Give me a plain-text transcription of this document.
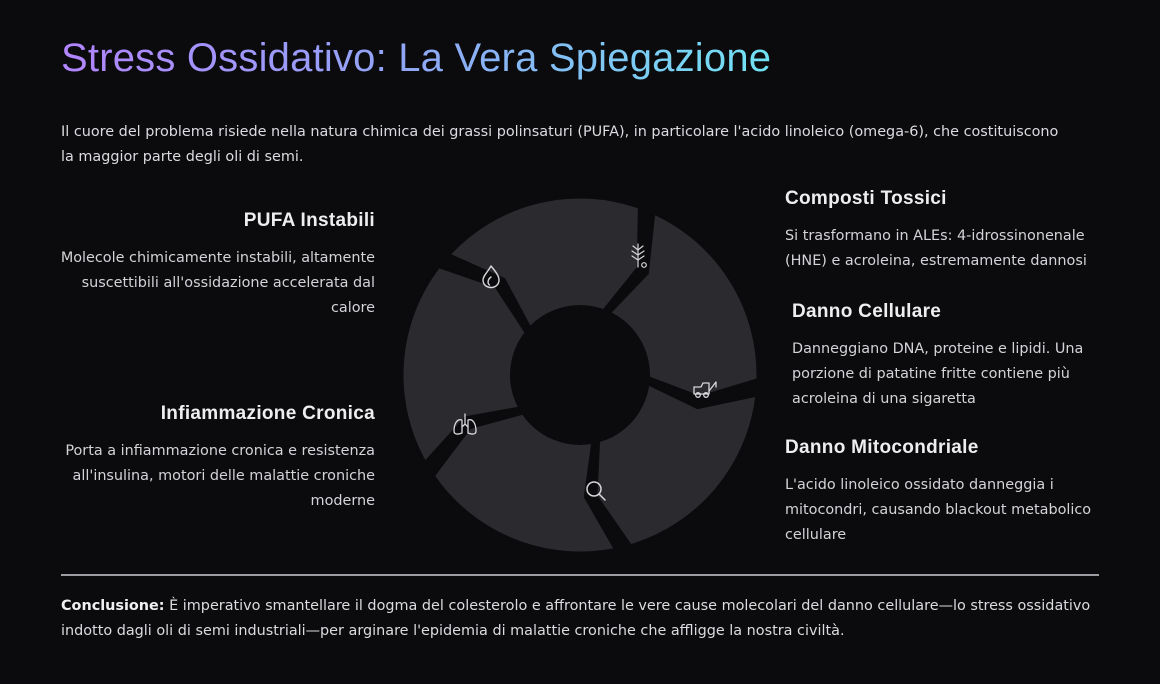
Stress Ossidativo: La Vera Spiegazione
Il cuore del problema risiede nella natura chimica dei grassi polinsaturi (PUFA), in particolare l'acido linoleico (omega-6), che costituiscono la maggior parte degli oli di semi.
PUFA Instabili

Molecole chimicamente instabili, altamente suscettibili all'ossidazione accelerata dal calore

Infiammazione Cronica

Porta a infiammazione cronica e resistenza all'insulina, motori delle malattie croniche moderne

Composti Tossici

Si trasformano in ALEs: 4-idrossinonenale (HNE) e acroleina, estremamente dannosi

Danno Cellulare

Danneggiano DNA, proteine e lipidi. Una porzione di patatine fritte contiene più acroleina di una sigaretta

Danno Mitocondriale

L'acido linoleico ossidato danneggia i mitocondri, causando blackout metabolico cellulare

Conclusione: È imperativo smantellare il dogma del colesterolo e affrontare le vere cause molecolari del danno cellulare—lo stress ossidativo indotto dagli oli di semi industriali—per arginare l'epidemia di malattie croniche che affligge la nostra civiltà.
